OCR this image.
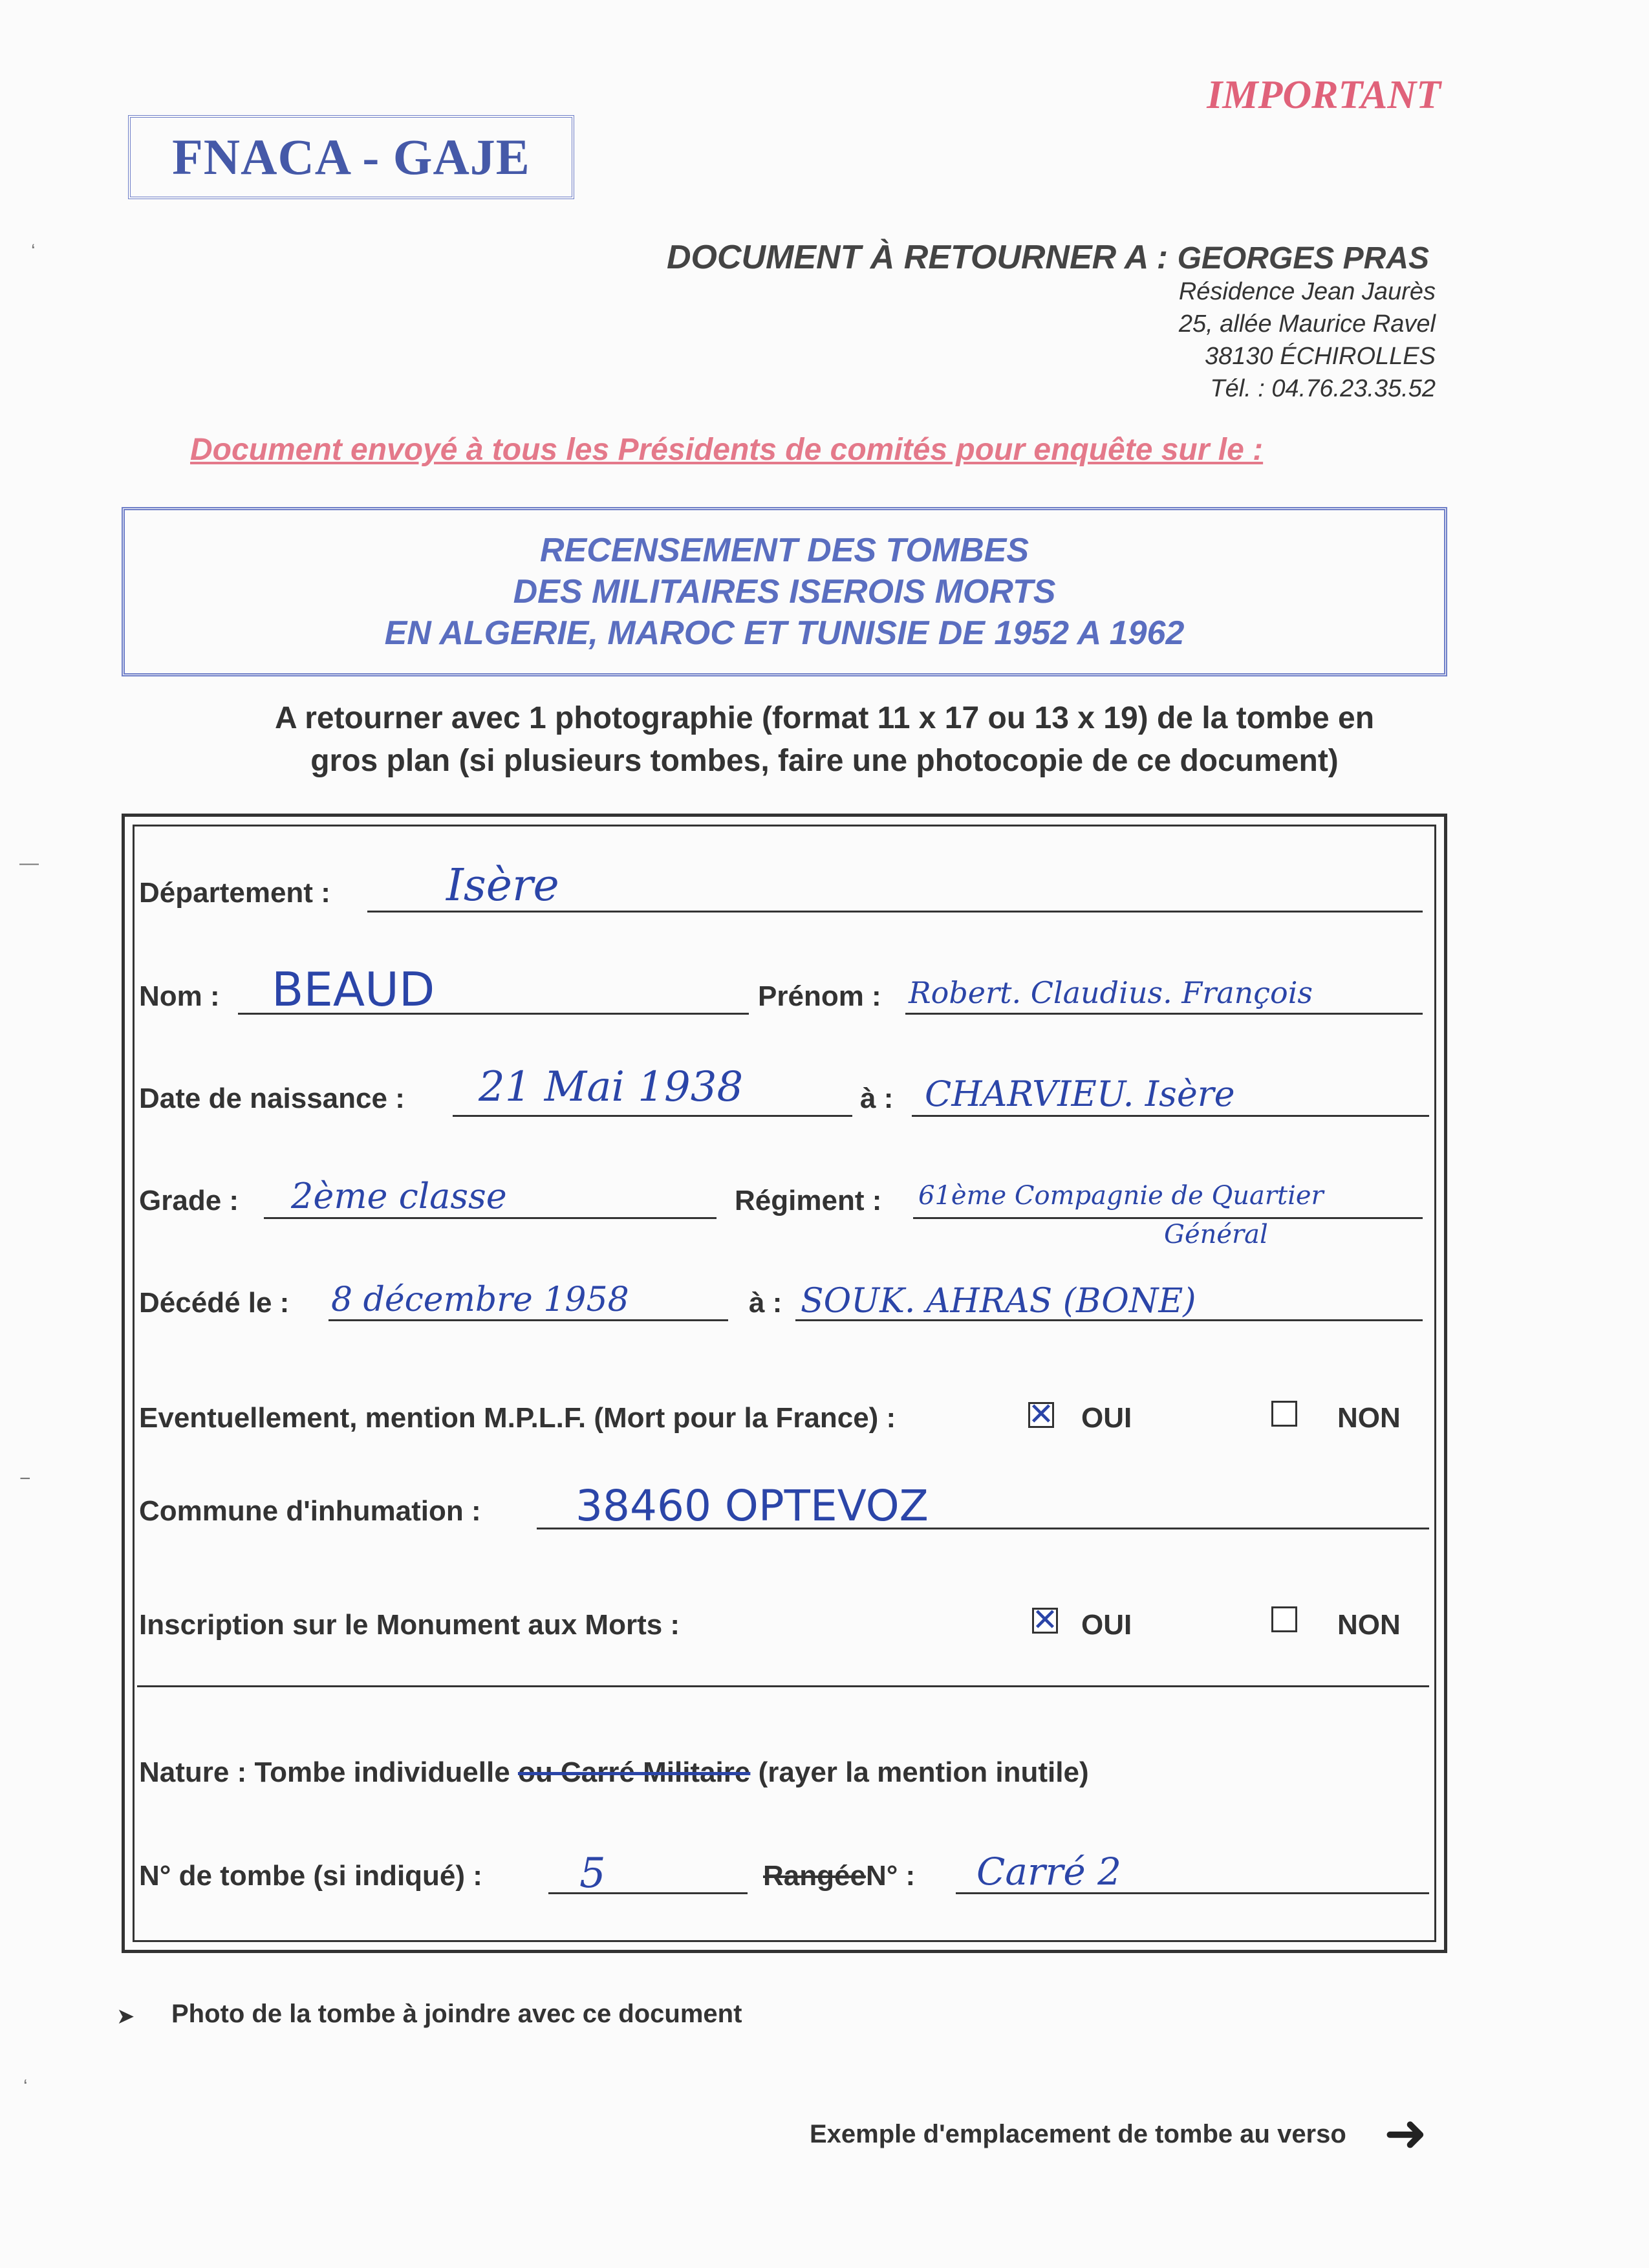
FNACA - GAJE
IMPORTANT
DOCUMENT À RETOURNER A : GEORGES PRAS
Résidence Jean Jaurès
25, allée Maurice Ravel
38130 ÉCHIROLLES
Tél. : 04.76.23.35.52
Document envoyé à tous les Présidents de comités pour enquête sur le :
RECENSEMENT DES TOMBES
DES MILITAIRES ISEROIS MORTS
EN ALGERIE, MAROC ET TUNISIE DE 1952 A 1962
A retourner avec 1 photographie (format 11 x 17 ou 13 x 19) de la tombe en
gros plan (si plusieurs tombes, faire une photocopie de ce document)
Département :	Isère
Nom : BEAUD	Prénom : Robert. Claudius. François
Date de naissance : 21 Mai 1938	à : CHARVIEU. Isère
Grade : 2ème classe	Régiment : 61ème Compagnie de Quartier
Général
Décédé le : 8 décembre 1958	à : SOUK. AHRAS (BONE)
Eventuellement, mention M.P.L.F. (Mort pour la France) :	✕ OUI	NON
Commune d'inhumation : 38460 OPTEVOZ
Inscription sur le Monument aux Morts :	✕ OUI	NON
Nature : Tombe individuelle ou Carré Militaire (rayer la mention inutile)
N° de tombe (si indiqué) : 5	RangéeN° : Carré 2
➤ Photo de la tombe à joindre avec ce document
Exemple d'emplacement de tombe au verso ➜
‘
—
−
‘
